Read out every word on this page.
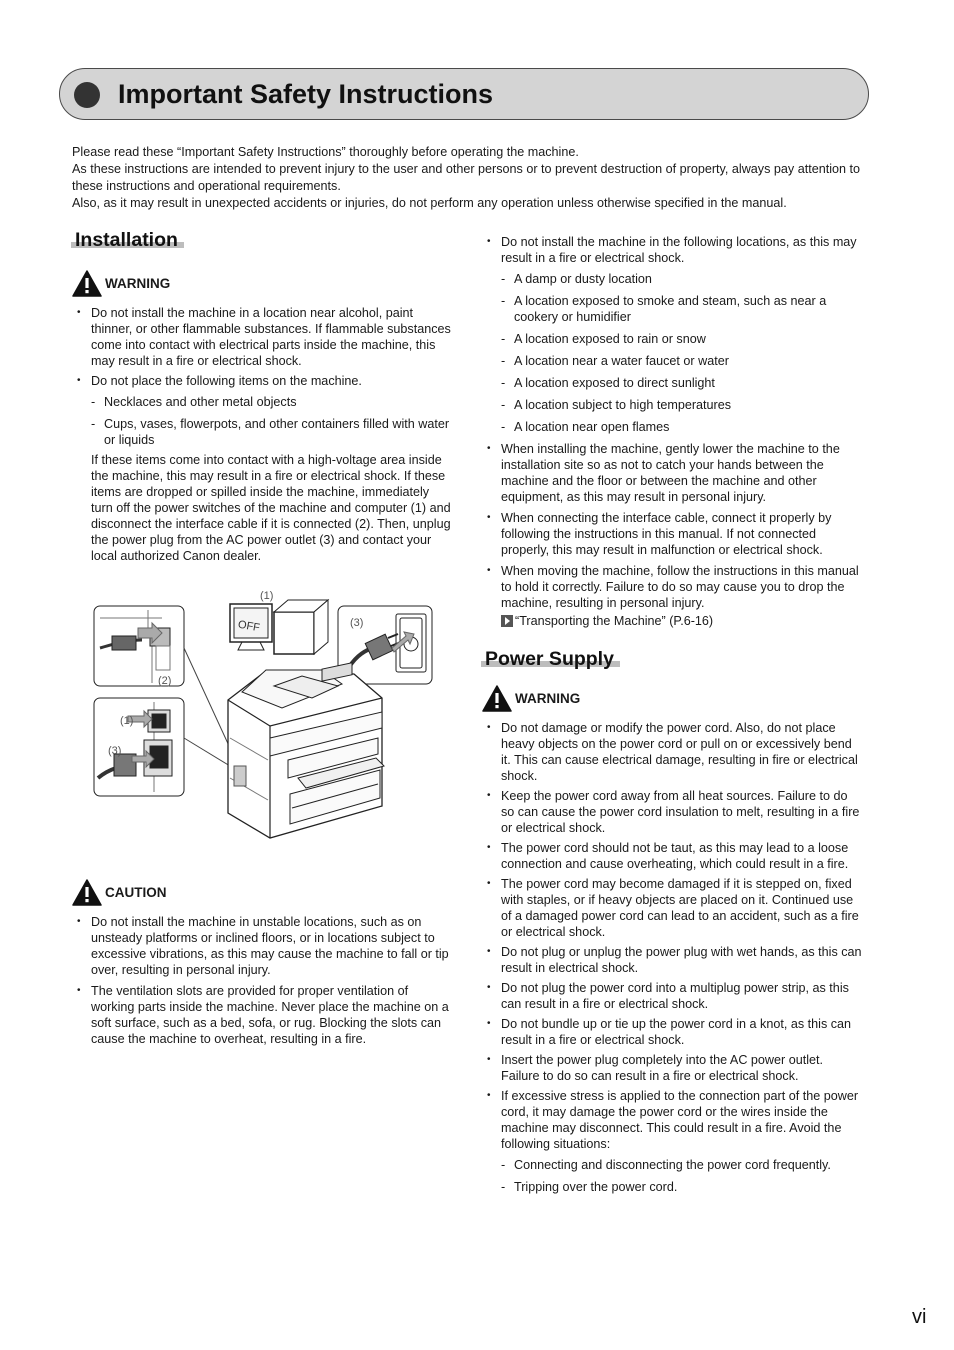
Important Safety Instructions

Please read these “Important Safety Instructions” thoroughly before operating the machine.

As these instructions are intended to prevent injury to the user and other persons or to prevent destruction of property, always pay attention to these instructions and operational requirements.

Also, as it may result in unexpected accidents or injuries, do not perform any operation unless otherwise specified in the manual.

Installation
WARNING
• Do not install the machine in a location near alcohol, paint thinner, or other flammable substances. If flammable substances come into contact with electrical parts inside the machine, this may result in a fire or electrical shock.
• Do not place the following items on the machine.
- Necklaces and other metal objects
- Cups, vases, flowerpots, and other containers filled with water or liquids

If these items come into contact with a high-voltage area inside the machine, this may result in a fire or electrical shock. If these items are dropped or spilled inside the machine, immediately turn off the power switches of the machine and computer (1) and disconnect the interface cable if it is connected (2). Then, unplug the power plug from the AC power outlet (3) and contact your local authorized Canon dealer.

(1)
(3)
(2)
(1)
(3)
OFF
CAUTION
• Do not install the machine in unstable locations, such as on unsteady platforms or inclined floors, or in locations subject to excessive vibrations, as this may cause the machine to fall or tip over, resulting in personal injury.
• The ventilation slots are provided for proper ventilation of working parts inside the machine. Never place the machine on a soft surface, such as a bed, sofa, or rug. Blocking the slots can cause the machine to overheat, resulting in a fire.
• Do not install the machine in the following locations, as this may result in a fire or electrical shock.
- A damp or dusty location
- A location exposed to smoke and steam, such as near a cookery or humidifier
- A location exposed to rain or snow
- A location near a water faucet or water
- A location exposed to direct sunlight
- A location subject to high temperatures
- A location near open flames
• When installing the machine, gently lower the machine to the installation site so as not to catch your hands between the machine and the floor or between the machine and other equipment, as this may result in personal injury.
• When connecting the interface cable, connect it properly by following the instructions in this manual. If not connected properly, this may result in malfunction or electrical shock.
• When moving the machine, follow the instructions in this manual to hold it correctly. Failure to do so may cause you to drop the machine, resulting in personal injury.
“Transporting the Machine” (P.6-16)
Power Supply
WARNING
• Do not damage or modify the power cord. Also, do not place heavy objects on the power cord or pull on or excessively bend it. This can cause electrical damage, resulting in fire or electrical shock.
• Keep the power cord away from all heat sources. Failure to do so can cause the power cord insulation to melt, resulting in a fire or electrical shock.
• The power cord should not be taut, as this may lead to a loose connection and cause overheating, which could result in a fire.
• The power cord may become damaged if it is stepped on, fixed with staples, or if heavy objects are placed on it. Continued use of a damaged power cord can lead to an accident, such as a fire or electrical shock.
• Do not plug or unplug the power plug with wet hands, as this can result in electrical shock.
• Do not plug the power cord into a multiplug power strip, as this can result in a fire or electrical shock.
• Do not bundle up or tie up the power cord in a knot, as this can result in a fire or electrical shock.
• Insert the power plug completely into the AC power outlet. Failure to do so can result in a fire or electrical shock.
• If excessive stress is applied to the connection part of the power cord, it may damage the power cord or the wires inside the machine may disconnect. This could result in a fire. Avoid the following situations:
- Connecting and disconnecting the power cord frequently.
- Tripping over the power cord.
vi
